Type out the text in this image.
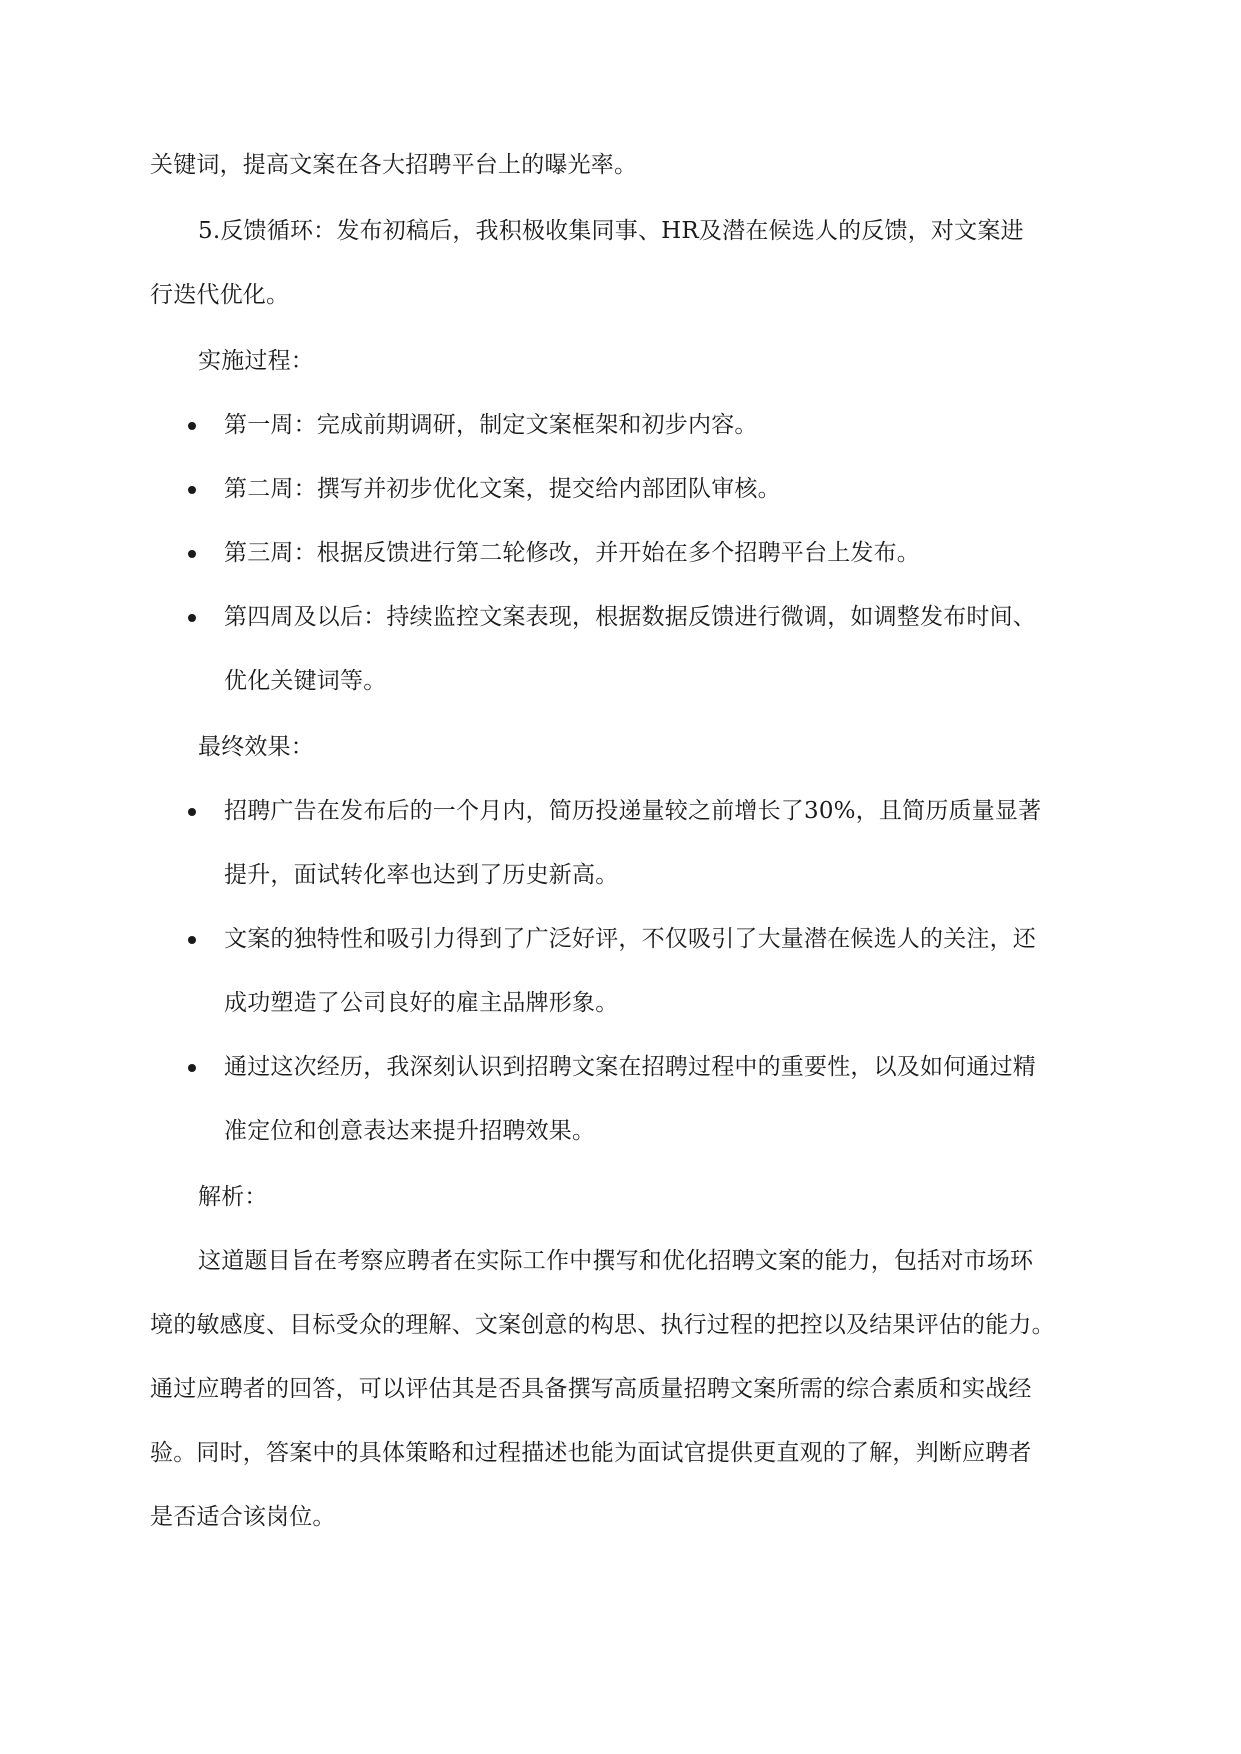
关键词，提高文案在各大招聘平台上的曝光率。
5.反馈循环：发布初稿后，我积极收集同事、HR及潜在候选人的反馈，对文案进
行迭代优化。
实施过程：
第一周：完成前期调研，制定文案框架和初步内容。
第二周：撰写并初步优化文案，提交给内部团队审核。
第三周：根据反馈进行第二轮修改，并开始在多个招聘平台上发布。
第四周及以后：持续监控文案表现，根据数据反馈进行微调，如调整发布时间、
优化关键词等。
最终效果：
招聘广告在发布后的一个月内，简历投递量较之前增长了30%，且简历质量显著
提升，面试转化率也达到了历史新高。
文案的独特性和吸引力得到了广泛好评，不仅吸引了大量潜在候选人的关注，还
成功塑造了公司良好的雇主品牌形象。
通过这次经历，我深刻认识到招聘文案在招聘过程中的重要性，以及如何通过精
准定位和创意表达来提升招聘效果。
解析：
这道题目旨在考察应聘者在实际工作中撰写和优化招聘文案的能力，包括对市场环
境的敏感度、目标受众的理解、文案创意的构思、执行过程的把控以及结果评估的能力。
通过应聘者的回答，可以评估其是否具备撰写高质量招聘文案所需的综合素质和实战经
验。同时，答案中的具体策略和过程描述也能为面试官提供更直观的了解，判断应聘者
是否适合该岗位。
